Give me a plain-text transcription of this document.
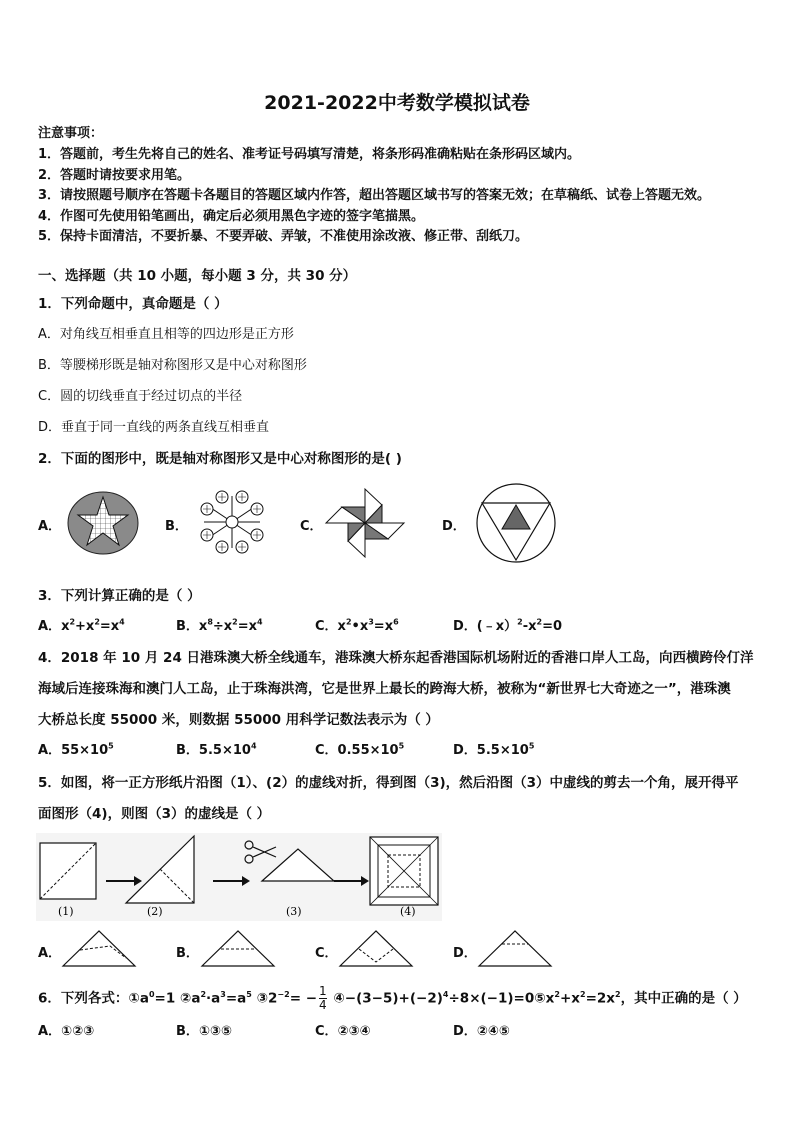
2021-2022中考数学模拟试卷
注意事项：
1．答题前，考生先将自己的姓名、准考证号码填写清楚，将条形码准确粘贴在条形码区域内。
2．答题时请按要求用笔。
3．请按照题号顺序在答题卡各题目的答题区域内作答，超出答题区域书写的答案无效；在草稿纸、试卷上答题无效。
4．作图可先使用铅笔画出，确定后必须用黑色字迹的签字笔描黑。
5．保持卡面清洁，不要折暴、不要弄破、弄皱，不准使用涂改液、修正带、刮纸刀。
一、选择题（共 10 小题，每小题 3 分，共 30 分）
1．下列命题中，真命题是（ ）
A．对角线互相垂直且相等的四边形是正方形
B．等腰梯形既是轴对称图形又是中心对称图形
C．圆的切线垂直于经过切点的半径
D．垂直于同一直线的两条直线互相垂直
2．下面的图形中，既是轴对称图形又是中心对称图形的是( )
A．	B．	C．	D．
3．下列计算正确的是（ ）
A．$x^2+x^2=x^4$	B．$x^8\div x^2=x^4$	C．$x^2•x^3=x^6$	D．$(﹣x)^2-x^2=0$
4．2018 年 10 月 24 日港珠澳大桥全线通车，港珠澳大桥东起香港国际机场附近的香港口岸人工岛，向西横跨伶仃洋
海域后连接珠海和澳门人工岛，止于珠海洪湾，它是世界上最长的跨海大桥，被称为“新世界七大奇迹之一”，港珠澳
大桥总长度 55000 米，则数据 55000 用科学记数法表示为（ ）
A．$55\times 10^5$	B．$5.5\times 10^4$	C．$0.55\times 10^5$	D．$5.5\times 10^5$
5．如图，将一正方形纸片沿图（1）、(2）的虚线对折，得到图（3)，然后沿图（3）中虚线的剪去一个角，展开得平
面图形（4)，则图（3）的虚线是（ ）
(1)	(2)	(3)	(4)
A．	B．	C．	D．
6．下列各式：$①a^0=1$ $②a^2\cdot a^3=a^5$ $③2^{-2}= - \frac{1}{4}$ $④-(3-5)+(-2)^4\div 8\times(-1)=0⑤x^2+x^2=2x^2$，其中正确的是（ ）
A．①②③	B．①③⑤	C．②③④	D．②④⑤
